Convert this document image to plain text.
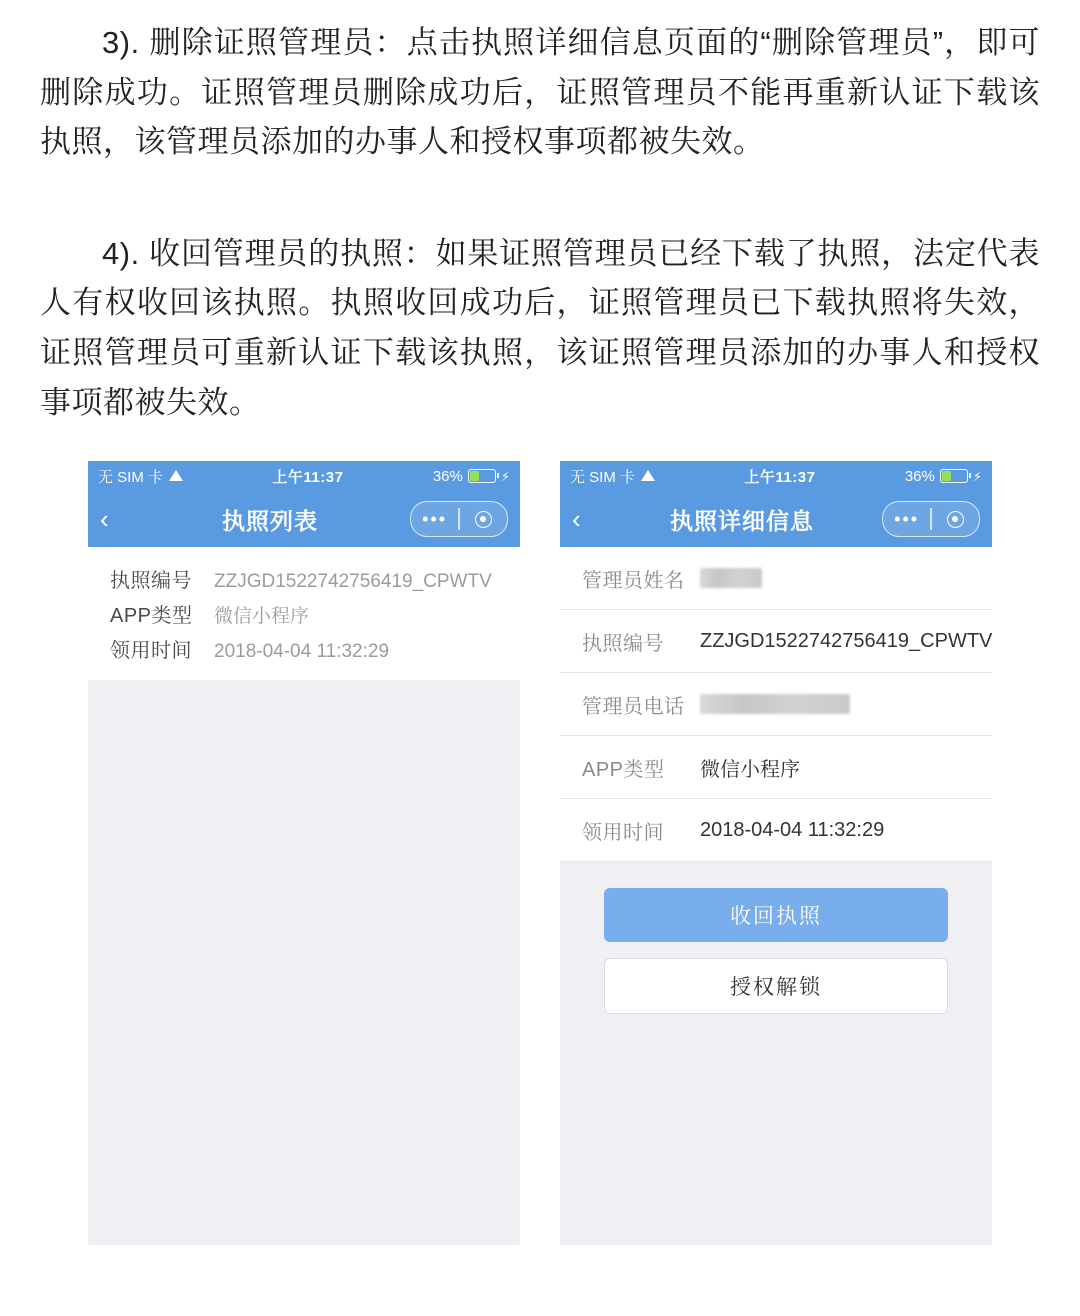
3). 删除证照管理员：点击执照详细信息页面的“删除管理员”，即可删除成功。证照管理员删除成功后，证照管理员不能再重新认证下载该执照，该管理员添加的办事人和授权事项都被失效。

4). 收回管理员的执照：如果证照管理员已经下载了执照，法定代表人有权收回该执照。执照收回成功后，证照管理员已下载执照将失效，证照管理员可重新认证下载该执照，该证照管理员添加的办事人和授权事项都被失效。

无 SIM 卡	上午11:37	36%	⚡
‹	执照列表	•••
执照编号	ZZJGD1522742756419_CPWTV
APP类型	微信小程序
领用时间	2018-04-04 11:32:29
无 SIM 卡	上午11:37	36%	⚡
‹	执照详细信息	•••
管理员姓名
执照编号	ZZJGD1522742756419_CPWTV
管理员电话
APP类型	微信小程序
领用时间	2018-04-04 11:32:29
收回执照
授权解锁
